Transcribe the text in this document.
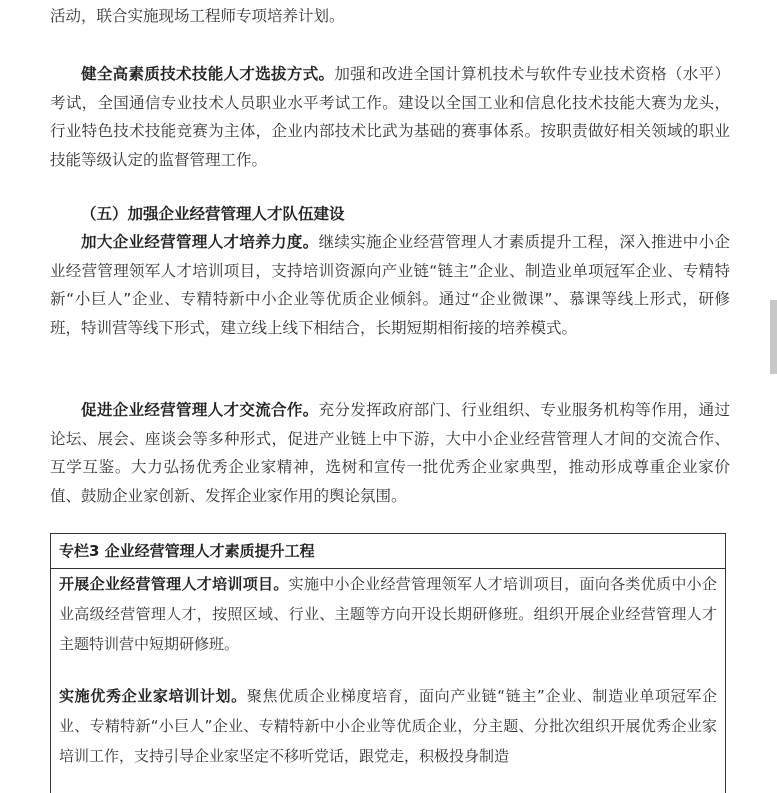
活动，联合实施现场工程师专项培养计划。

健全高素质技术技能人才选拔方式。加强和改进全国计算机技术与软件专业技术资格（水平）考试，全国通信专业技术人员职业水平考试工作。建设以全国工业和信息化技术技能大赛为龙头，行业特色技术技能竞赛为主体，企业内部技术比武为基础的赛事体系。按职责做好相关领域的职业技能等级认定的监督管理工作。

（五）加强企业经营管理人才队伍建设

加大企业经营管理人才培养力度。继续实施企业经营管理人才素质提升工程，深入推进中小企业经营管理领军人才培训项目，支持培训资源向产业链“链主”企业、制造业单项冠军企业、专精特新“小巨人”企业、专精特新中小企业等优质企业倾斜。通过“企业微课”、慕课等线上形式，研修班，特训营等线下形式，建立线上线下相结合，长期短期相衔接的培养模式。

促进企业经营管理人才交流合作。充分发挥政府部门、行业组织、专业服务机构等作用，通过论坛、展会、座谈会等多种形式，促进产业链上中下游，大中小企业经营管理人才间的交流合作、互学互鉴。大力弘扬优秀企业家精神，选树和宣传一批优秀企业家典型，推动形成尊重企业家价值、鼓励企业家创新、发挥企业家作用的舆论氛围。

专栏3 企业经营管理人才素质提升工程

开展企业经营管理人才培训项目。实施中小企业经营管理领军人才培训项目，面向各类优质中小企业高级经营管理人才，按照区域、行业、主题等方向开设长期研修班。组织开展企业经营管理人才主题特训营中短期研修班。

实施优秀企业家培训计划。聚焦优质企业梯度培育，面向产业链“链主”企业、制造业单项冠军企业、专精特新“小巨人”企业、专精特新中小企业等优质企业，分主题、分批次组织开展优秀企业家培训工作，支持引导企业家坚定不移听党话，跟党走，积极投身制造
